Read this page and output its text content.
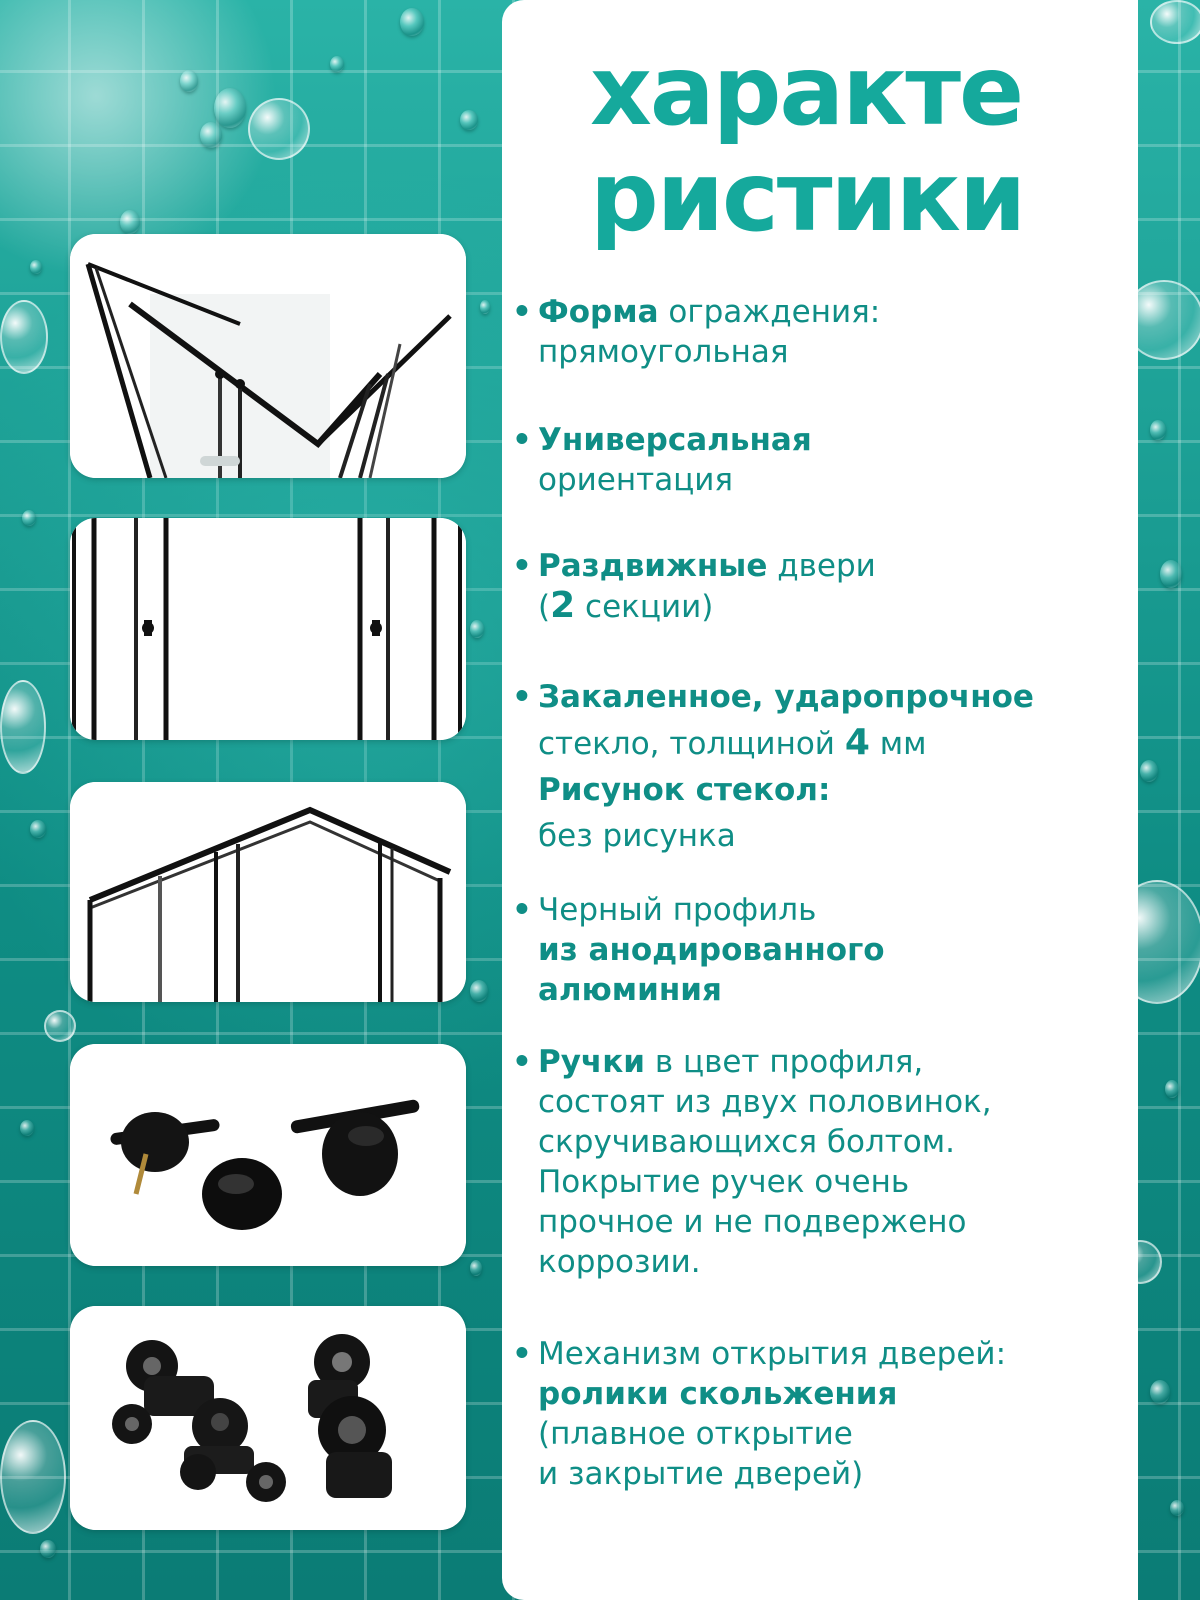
характе
ристики
• Форма ограждения:
прямоугольная
• Универсальная
ориентация
• Раздвижные двери
(2 секции)
• Закаленное, ударопрочное
стекло, толщиной 4 мм
Рисунок стекол:
без рисунка
• Черный профиль
из анодированного
алюминия
• Ручки в цвет профиля,
состоят из двух половинок,
скручивающихся болтом.
Покрытие ручек очень
прочное и не подвержено
коррозии.
• Механизм открытия дверей:
ролики скольжения
(плавное открытие
и закрытие дверей)
